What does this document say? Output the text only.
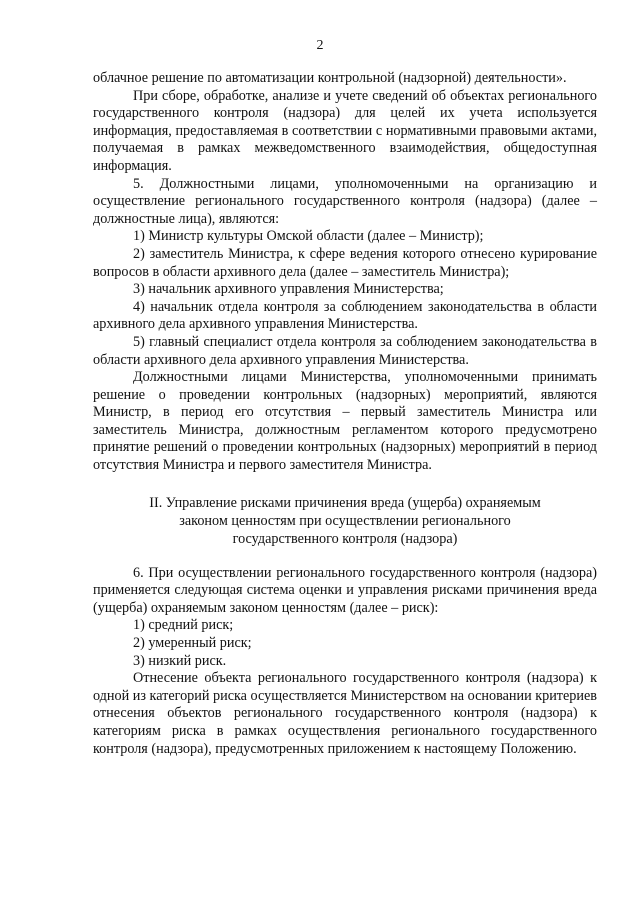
2

облачное решение по автоматизации контрольной (надзорной) деятельности».

При сборе, обработке, анализе и учете сведений об объектах регионального государственного контроля (надзора) для целей их учета используется информация, предоставляемая в соответствии с нормативными правовыми актами, получаемая в рамках межведомственного взаимодействия, общедоступная информация.

5. Должностными лицами, уполномоченными на организацию и осуществление регионального государственного контроля (надзора) (далее – должностные лица), являются:

1) Министр культуры Омской области (далее – Министр);

2) заместитель Министра, к сфере ведения которого отнесено курирование вопросов в области архивного дела (далее – заместитель Министра);

3) начальник архивного управления Министерства;

4) начальник отдела контроля за соблюдением законодательства в области архивного дела архивного управления Министерства.

5) главный специалист отдела контроля за соблюдением законодательства в области архивного дела архивного управления Министерства.

Должностными лицами Министерства, уполномоченными принимать решение о проведении контрольных (надзорных) мероприятий, являются Министр, в период его отсутствия – первый заместитель Министра или заместитель Министра, должностным регламентом которого предусмотрено принятие решений о проведении контрольных (надзорных) мероприятий в период отсутствия Министра и первого заместителя Министра.

II. Управление рисками причинения вреда (ущерба) охраняемым
законом ценностям при осуществлении регионального
государственного контроля (надзора)

6. При осуществлении регионального государственного контроля (надзора) применяется следующая система оценки и управления рисками причинения вреда (ущерба) охраняемым законом ценностям (далее – риск):

1) средний риск;

2) умеренный риск;

3) низкий риск.

Отнесение объекта регионального государственного контроля (надзора) к одной из категорий риска осуществляется Министерством на основании критериев отнесения объектов регионального государственного контроля (надзора) к категориям риска в рамках осуществления регионального государственного контроля (надзора), предусмотренных приложением к настоящему Положению.
